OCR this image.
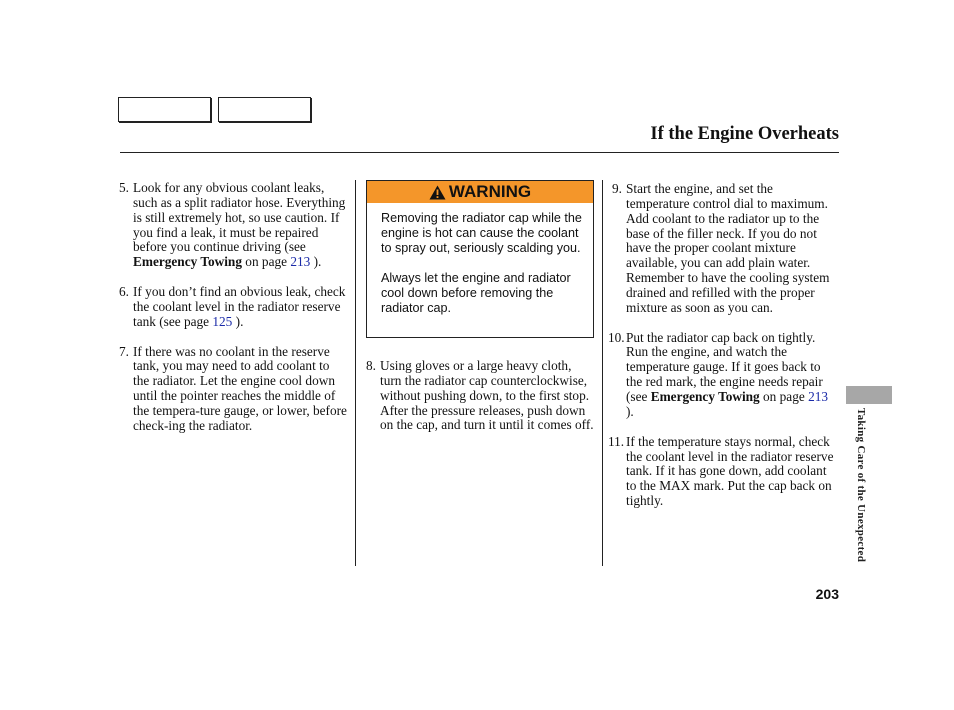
If the Engine Overheats
5. Look for any obvious coolant leaks, such as a split radiator hose. Everything is still extremely hot, so use caution. If you find a leak, it must be repaired before you continue driving (see Emergency Towing on page 213 ).
6. If you don’t find an obvious leak, check the coolant level in the radiator reserve tank (see page 125 ).
7. If there was no coolant in the reserve tank, you may need to add coolant to the radiator. Let the engine cool down until the pointer reaches the middle of the tempera-ture gauge, or lower, before check-ing the radiator.
WARNING

Removing the radiator cap while the engine is hot can cause the coolant to spray out, seriously scalding you.

Always let the engine and radiator cool down before removing the radiator cap.

8. Using gloves or a large heavy cloth, turn the radiator cap counterclockwise, without pushing down, to the first stop. After the pressure releases, push down on the cap, and turn it until it comes off.
9. Start the engine, and set the temperature control dial to maximum. Add coolant to the radiator up to the base of the filler neck. If you do not have the proper coolant mixture available, you can add plain water. Remember to have the cooling system drained and refilled with the proper mixture as soon as you can.
10. Put the radiator cap back on tightly. Run the engine, and watch the temperature gauge. If it goes back to the red mark, the engine needs repair (see Emergency Towing on page 213 ).
11. If the temperature stays normal, check the coolant level in the radiator reserve tank. If it has gone down, add coolant to the MAX mark. Put the cap back on tightly.	Taking Care of the Unexpected
203
